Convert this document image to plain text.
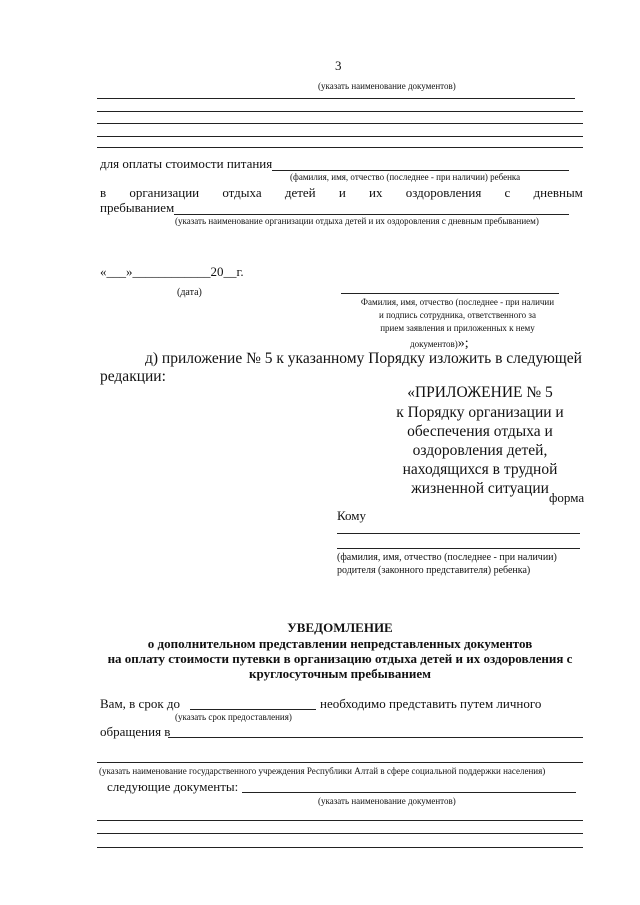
3
(указать наименование документов)
для оплаты стоимости питания
(фамилия, имя, отчество (последнее - при наличии) ребенка
в организации отдыха детей и их оздоровления с дневным
пребыванием
(указать наименование организации отдыха детей и их оздоровления с дневным пребыванием)
«___»____________20__г.
(дата)
Фамилия, имя, отчество (последнее - при наличии
и подпись сотрудника, ответственного за
прием заявления и приложенных к нему
документов)»;
д) приложение № 5 к указанному Порядку изложить в следующей
редакции:
«ПРИЛОЖЕНИЕ № 5
к Порядку организации и
обеспечения отдыха и
оздоровления детей,
находящихся в трудной
жизненной ситуации
форма
Кому
(фамилия, имя, отчество (последнее - при наличии)
родителя (законного представителя) ребенка)
УВЕДОМЛЕНИЕ
о дополнительном представлении непредставленных документов
на оплату стоимости путевки в организацию отдыха детей и их оздоровления с
круглосуточным пребыванием
Вам, в срок до	необходимо представить путем личного
(указать срок предоставления)
обращения в
(указать наименование государственного учреждения Республики Алтай в сфере социальной поддержки населения)
следующие документы:
(указать наименование документов)
